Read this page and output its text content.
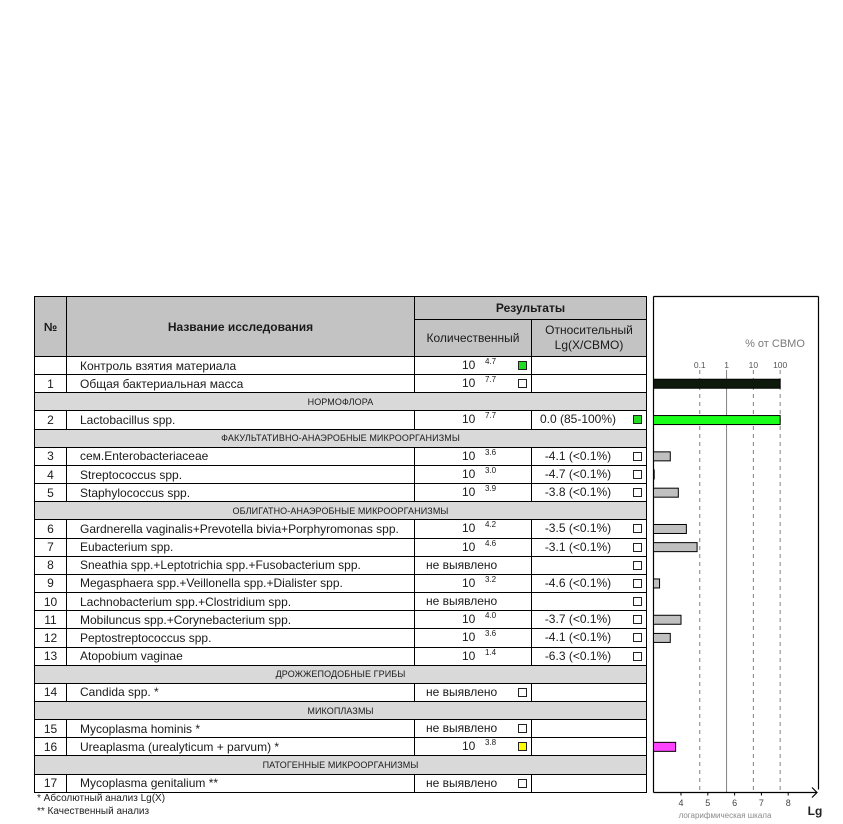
№	Название исследования
Результаты
Количественный
Относительный
Lg(X/СВМО)
Контроль взятия материала	10 4.7
1 Общая бактериальная масса	10 7.7
НОРМОФЛОРА
2 Lactobacillus spp.	10 7.7	0.0 (85-100%)
ФАКУЛЬТАТИВНО-АНАЭРОБНЫЕ МИКРООРГАНИЗМЫ
3 сем.Enterobacteriaceae	10 3.6	-4.1 (<0.1%)
4 Streptococcus spp.	10 3.0	-4.7 (<0.1%)
5 Staphylococcus spp.	10 3.9	-3.8 (<0.1%)
ОБЛИГАТНО-АНАЭРОБНЫЕ МИКРООРГАНИЗМЫ
6 Gardnerella vaginalis+Prevotella bivia+Porphyromonas spp.	10 4.2	-3.5 (<0.1%)
7 Eubacterium spp.	10 4.6	-3.1 (<0.1%)
8 Sneathia spp.+Leptotrichia spp.+Fusobacterium spp.	не выявлено
9 Megasphaera spp.+Veillonella spp.+Dialister spp.	10 3.2	-4.6 (<0.1%)
10 Lachnobacterium spp.+Clostridium spp.	не выявлено
11 Mobiluncus spp.+Corynebacterium spp.	10 4.0	-3.7 (<0.1%)
12 Peptostreptococcus spp.	10 3.6	-4.1 (<0.1%)
13 Atopobium vaginae	10 1.4	-6.3 (<0.1%)
ДРОЖЖЕПОДОБНЫЕ ГРИБЫ
14 Candida spp. *	не выявлено
МИКОПЛАЗМЫ
15 Mycoplasma hominis *	не выявлено
16 Ureaplasma (urealyticum + parvum) *	10 3.8
ПАТОГЕННЫЕ МИКРООРГАНИЗМЫ
17 Mycoplasma genitalium **	не выявлено
* Абсолютный анализ Lg(X)
** Качественный анализ
% от СВМО
0.1 1 10 100
4 5 6 7 8
Lg
логарифмическая шкала
